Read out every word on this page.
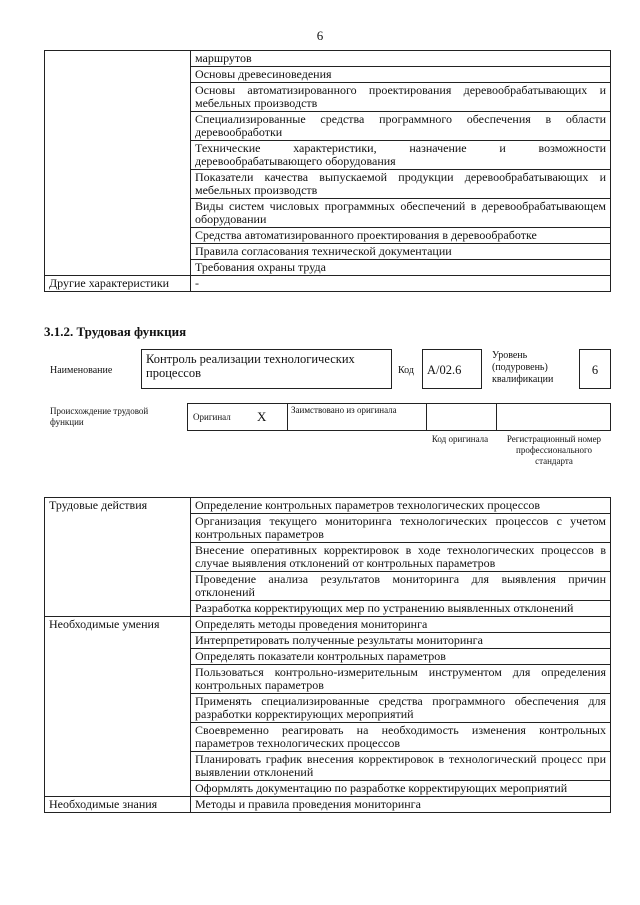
6
	маршрутов
	Основы древесиноведения
	Основы автоматизированного проектирования деревообрабатывающих и мебельных производств
	Специализированные средства программного обеспечения в области деревообработки
	Технические характеристики, назначение и возможности деревообрабатывающего оборудования
	Показатели качества выпускаемой продукции деревообрабатывающих и мебельных производств
	Виды систем числовых программных обеспечений в деревообрабатывающем оборудовании
	Средства автоматизированного проектирования в деревообработке
	Правила согласования технической документации
	Требования охраны труда
Другие характеристики	-
3.1.2. Трудовая функция
Наименование
Контроль реализации технологических процессов	Код	A/02.6
Уровень (подуровень) квалификации
6
Происхождение трудовой функции	Оригинал X	Заимствовано из оригинала
Код оригинала	Регистрационный номер профессионального стандарта
Трудовые действия	Определение контрольных параметров технологических процессов
	Организация текущего мониторинга технологических процессов с учетом контрольных параметров
	Внесение оперативных корректировок в ходе технологических процессов в случае выявления отклонений от контрольных параметров
	Проведение анализа результатов мониторинга для выявления причин отклонений
	Разработка корректирующих мер по устранению выявленных отклонений
Необходимые умения	Определять методы проведения мониторинга
	Интерпретировать полученные результаты мониторинга
	Определять показатели контрольных параметров
	Пользоваться контрольно-измерительным инструментом для определения контрольных параметров
	Применять специализированные средства программного обеспечения для разработки корректирующих мероприятий
	Своевременно реагировать на необходимость изменения контрольных параметров технологических процессов
	Планировать график внесения корректировок в технологический процесс при выявлении отклонений
	Оформлять документацию по разработке корректирующих мероприятий
Необходимые знания	Методы и правила проведения мониторинга
